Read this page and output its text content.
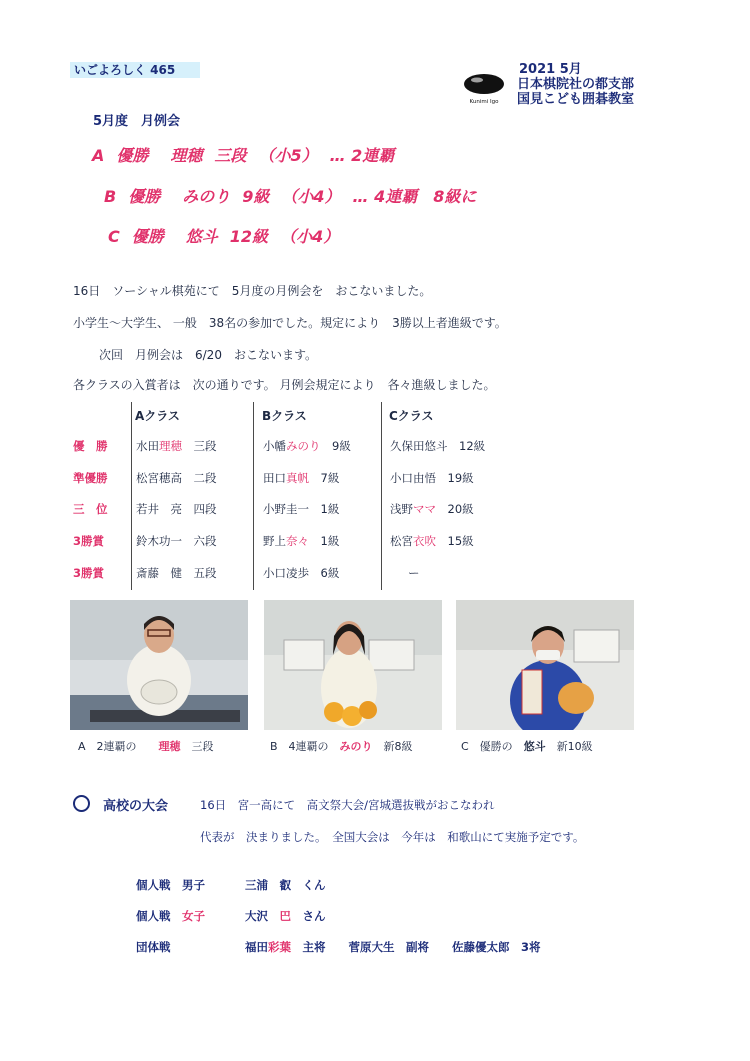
いごよろしく 465
Kunimi Igo
2021 5月
日本棋院社の都支部
国見こども囲碁教室
5月度　月例会
A 優勝 理穂 三段 （小5） … 2連覇
B 優勝 みのり 9級 （小4） … 4連覇　8級に
C 優勝 悠斗 12級 （小4）
16日　ソーシャル棋苑にて　5月度の月例会を　おこないました。
小学生～大学生、 一般　38名の参加でした。規定により　3勝以上者進級です。
次回　月例会は　6/20　おこないます。
各クラスの入賞者は　次の通りです。 月例会規定により　各々進級しました。
Aクラス	Bクラス	Cクラス
優　勝 水田理穂　 三段	小幡みのり　 9級	久保田悠斗　 12級
準優勝 松宮穂高　 二段	田口真帆　 7級	小口由悟　 19級
三　位 若井　亮　 四段	小野圭一　 1級	浅野ママ　 20級
3勝賞	鈴木功一　 六段	野上奈々　 1級	松宮衣吹　 15級
3勝賞	斎藤　健　 五段	小口凌歩　 6級	ー
A　2連覇の　　 理穂　 三段	B　4連覇の　 みのり　 新8級	C　優勝の　 悠斗　 新10級
高校の大会	16日　宮一高にて　高文祭大会/宮城選抜戦がおこなわれ
代表が　決まりました。　全国大会は　今年は　和歌山にて実施予定です。
個人戦　男子	三浦　叡　 くん
個人戦　女子	大沢　 巴　 さん
団体戦	福田彩葉　 主将　　菅原大生　副将　　佐藤優太郎　3将
